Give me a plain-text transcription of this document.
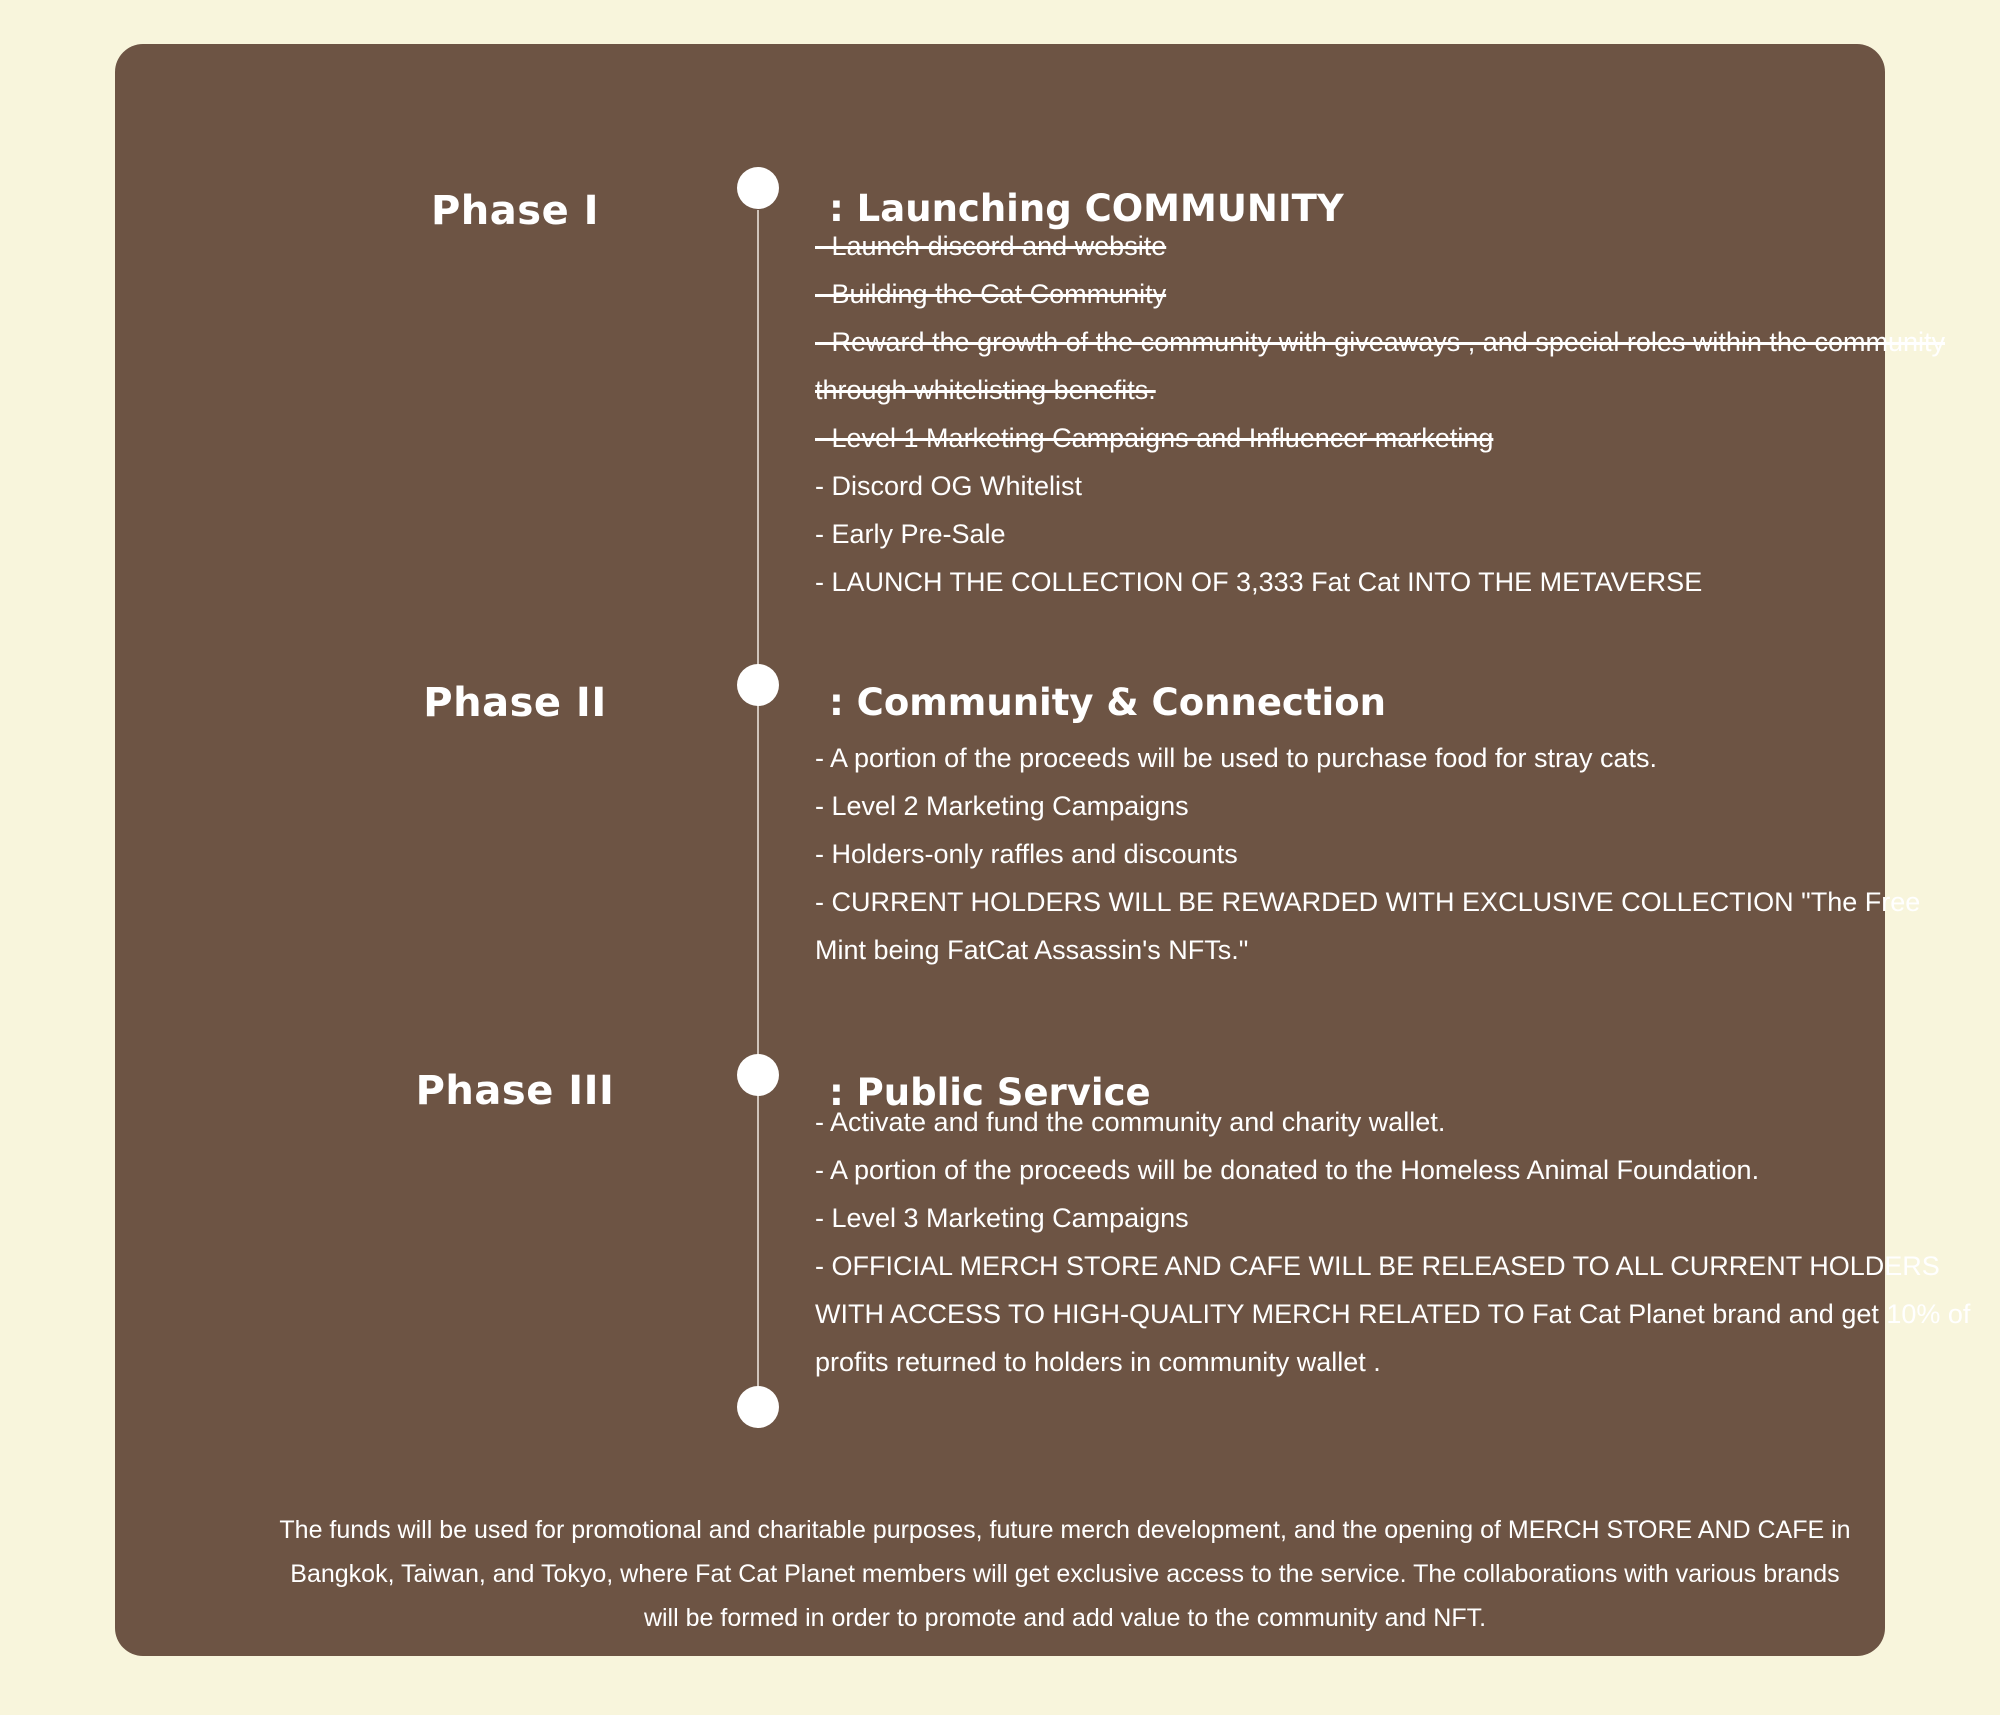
Phase I	: Launching COMMUNITY
- Launch discord and website
- Building the Cat Community
- Reward the growth of the community with giveaways , and special roles within the community through whitelisting benefits.
- Level 1 Marketing Campaigns and Influencer marketing
- Discord OG Whitelist
- Early Pre-Sale
- LAUNCH THE COLLECTION OF 3,333 Fat Cat INTO THE METAVERSE
Phase II	: Community & Connection
- A portion of the proceeds will be used to purchase food for stray cats.
- Level 2 Marketing Campaigns
- Holders-only raffles and discounts
- CURRENT HOLDERS WILL BE REWARDED WITH EXCLUSIVE COLLECTION "The Free Mint being FatCat Assassin's NFTs."
Phase III	: Public Service
- Activate and fund the community and charity wallet.
- A portion of the proceeds will be donated to the Homeless Animal Foundation.
- Level 3 Marketing Campaigns
- OFFICIAL MERCH STORE AND CAFE WILL BE RELEASED TO ALL CURRENT HOLDERS WITH ACCESS TO HIGH-QUALITY MERCH RELATED TO Fat Cat Planet brand and get 10% of profits returned to holders in community wallet .
The funds will be used for promotional and charitable purposes, future merch development, and the opening of MERCH STORE AND CAFE in Bangkok, Taiwan, and Tokyo, where Fat Cat Planet members will get exclusive access to the service. The collaborations with various brands will be formed in order to promote and add value to the community and NFT.
